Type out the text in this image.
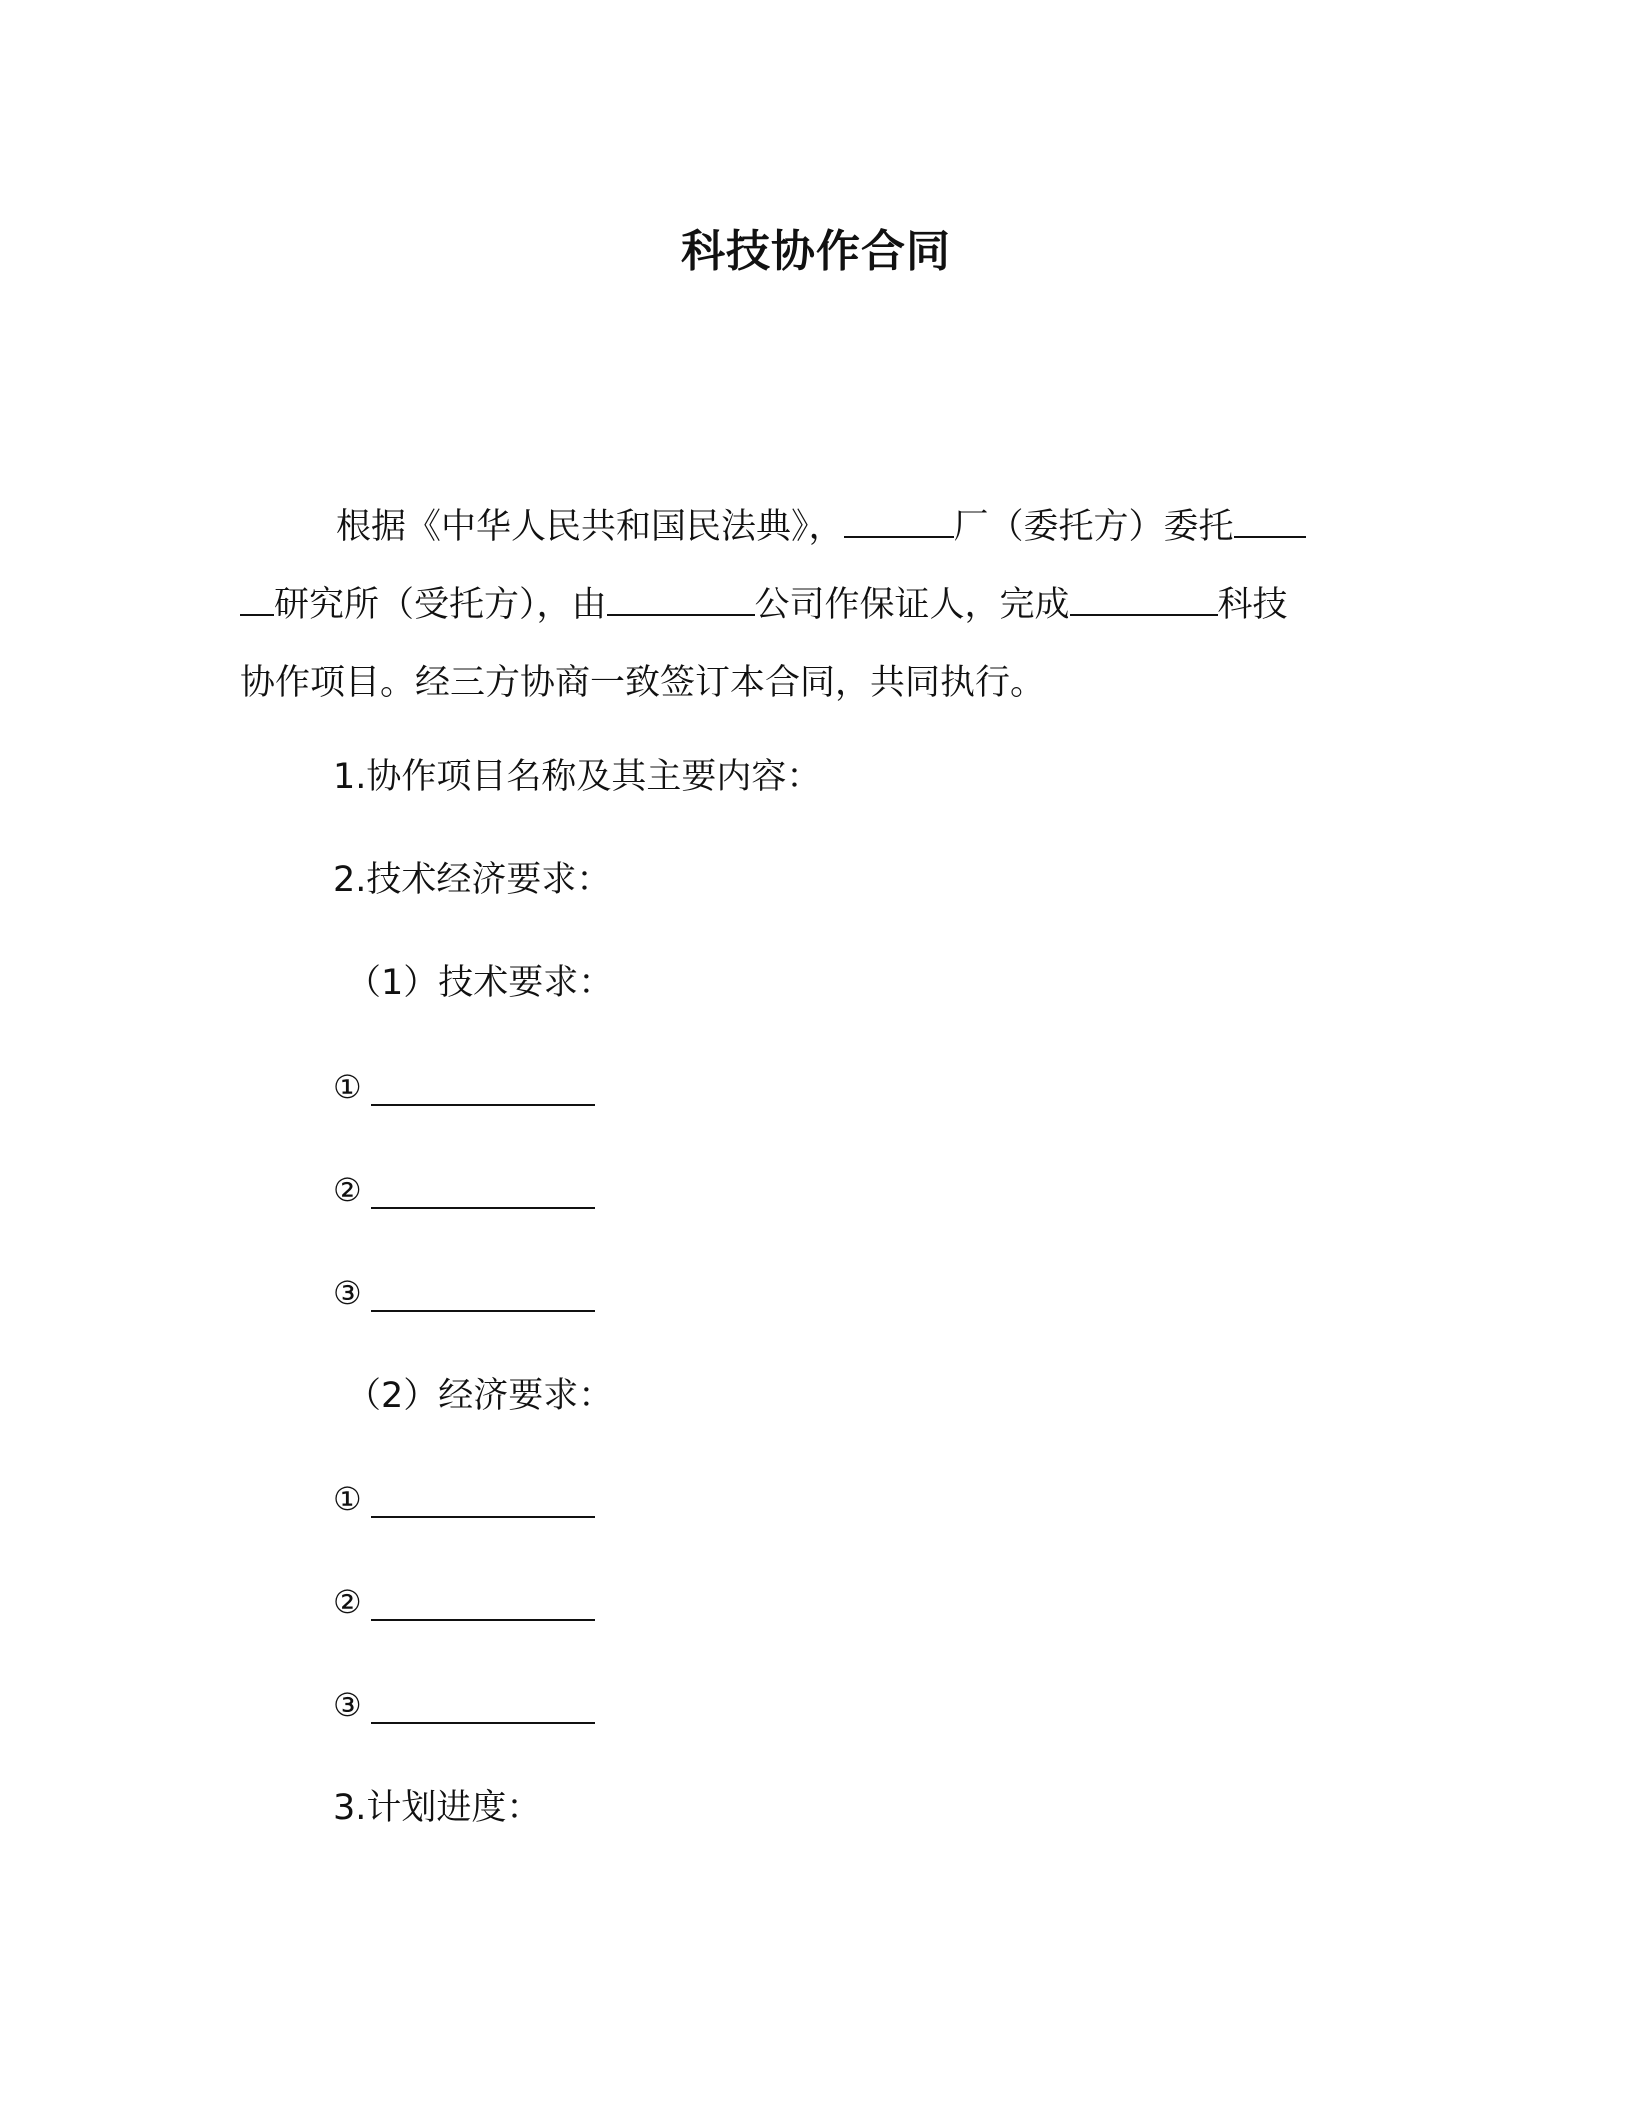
科技协作合同
根据《中华人民共和国民法典》，	厂（委托方）委托
研究所（受托方），由	公司作保证人，完成	科技
协作项目。经三方协商一致签订本合同，共同执行。
1.协作项目名称及其主要内容：
2.技术经济要求：
（1）技术要求：
①
②
③
（2）经济要求：
①
②
③
3.计划进度：
